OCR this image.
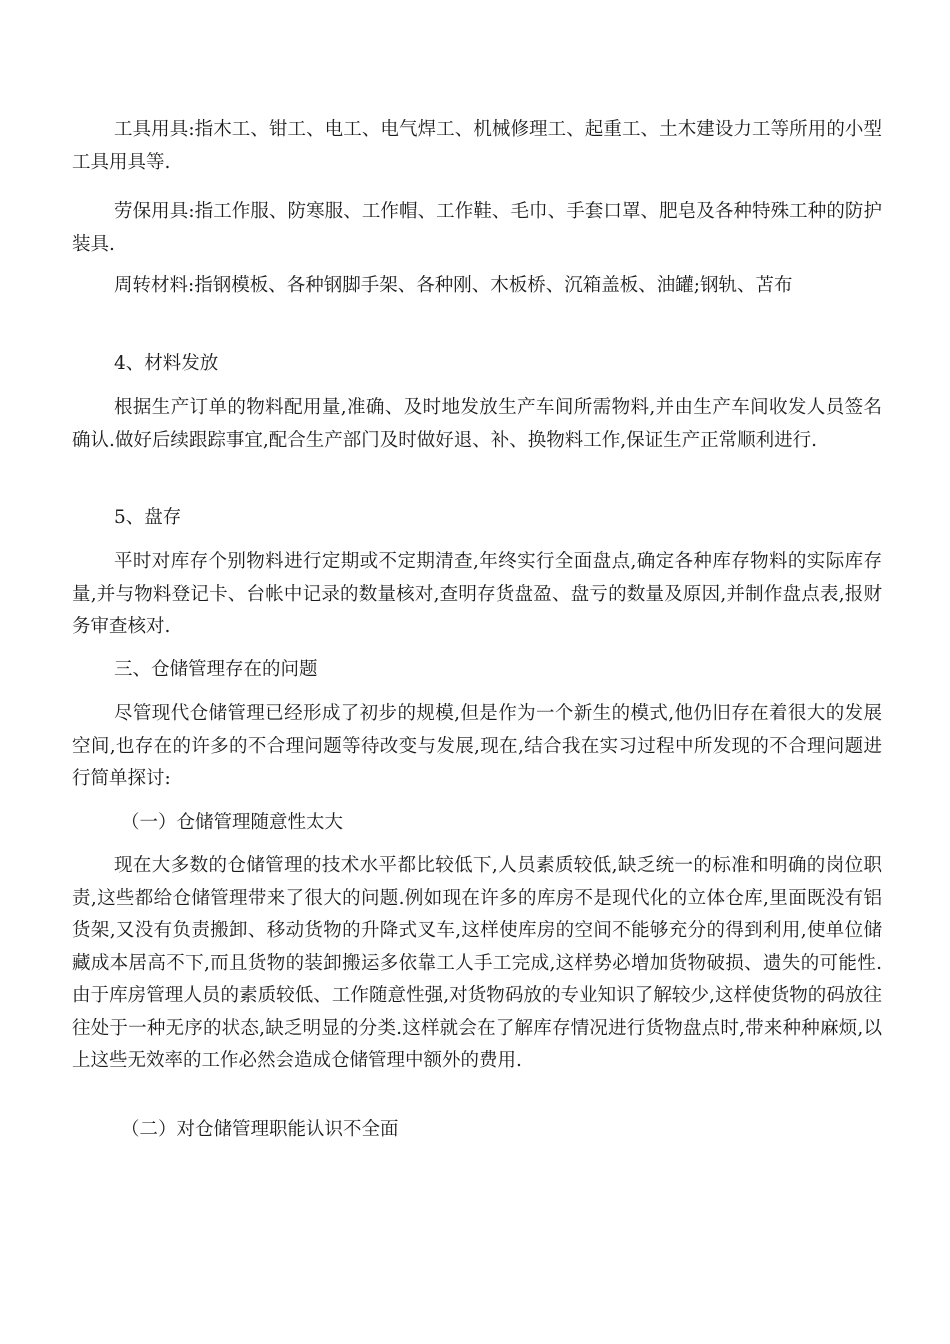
工具用具:指木工、钳工、电工、电气焊工、机械修理工、起重工、土木建设力工等所用的小型工具用具等.

劳保用具:指工作服、防寒服、工作帽、工作鞋、毛巾、手套口罩、肥皂及各种特殊工种的防护装具.

周转材料:指钢模板、各种钢脚手架、各种刚、木板桥、沉箱盖板、油罐;钢轨、苫布

4、材料发放

根据生产订单的物料配用量,准确、及时地发放生产车间所需物料,并由生产车间收发人员签名确认.做好后续跟踪事宜,配合生产部门及时做好退、补、换物料工作,保证生产正常顺利进行.

5、盘存

平时对库存个别物料进行定期或不定期清查,年终实行全面盘点,确定各种库存物料的实际库存量,并与物料登记卡、台帐中记录的数量核对,查明存货盘盈、盘亏的数量及原因,并制作盘点表,报财务审查核对.

三、仓储管理存在的问题

尽管现代仓储管理已经形成了初步的规模,但是作为一个新生的模式,他仍旧存在着很大的发展空间,也存在的许多的不合理问题等待改变与发展,现在,结合我在实习过程中所发现的不合理问题进行简单探讨:

（一）仓储管理随意性太大

现在大多数的仓储管理的技术水平都比较低下,人员素质较低,缺乏统一的标准和明确的岗位职责,这些都给仓储管理带来了很大的问题.例如现在许多的库房不是现代化的立体仓库,里面既没有铝货架,又没有负责搬卸、移动货物的升降式叉车,这样使库房的空间不能够充分的得到利用,使单位储藏成本居高不下,而且货物的装卸搬运多依靠工人手工完成,这样势必增加货物破损、遗失的可能性.由于库房管理人员的素质较低、工作随意性强,对货物码放的专业知识了解较少,这样使货物的码放往往处于一种无序的状态,缺乏明显的分类.这样就会在了解库存情况进行货物盘点时,带来种种麻烦,以上这些无效率的工作必然会造成仓储管理中额外的费用.

（二）对仓储管理职能认识不全面
